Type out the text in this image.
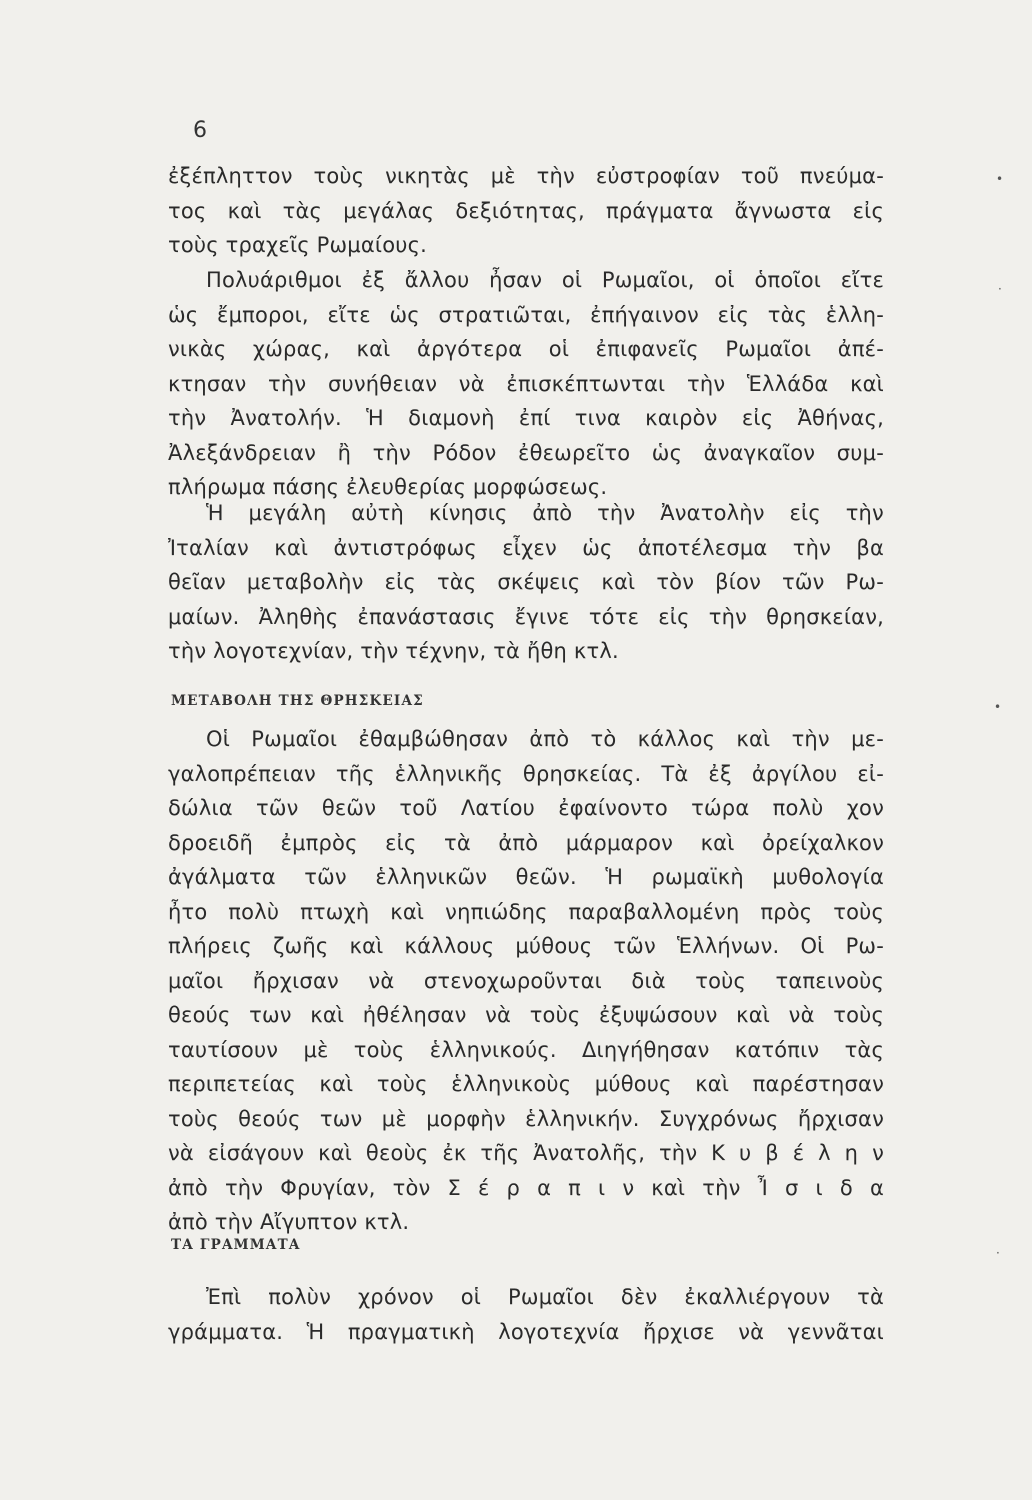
6
ἐξέπληττον τοὺς νικητὰς μὲ τὴν εὐστροφίαν τοῦ πνεύμα-
τος καὶ τὰς μεγάλας δεξιότητας, πράγματα ἄγνωστα εἰς
τοὺς τραχεῖς Ρωμαίους.
Πολυάριθμοι ἐξ ἄλλου ἦσαν οἱ Ρωμαῖοι, οἱ ὁποῖοι εἴτε
ὡς ἔμποροι, εἴτε ὡς στρατιῶται, ἐπήγαινον εἰς τὰς ἑλλη-
νικὰς χώρας, καὶ ἀργότερα οἱ ἐπιφανεῖς Ρωμαῖοι ἀπέ-
κτησαν τὴν συνήθειαν νὰ ἐπισκέπτωνται τὴν Ἑλλάδα καὶ
τὴν Ἀνατολήν. Ἡ διαμονὴ ἐπί τινα καιρὸν εἰς Ἀθήνας,
Ἀλεξάνδρειαν ἢ τὴν Ρόδον ἐθεωρεῖτο ὡς ἀναγκαῖον συμ-
πλήρωμα πάσης ἐλευθερίας μορφώσεως.
Ἡ μεγάλη αὐτὴ κίνησις ἀπὸ τὴν Ἀνατολὴν εἰς τὴν
Ἰταλίαν καὶ ἀντιστρόφως εἶχεν ὡς ἀποτέλεσμα τὴν βα
θεῖαν μεταβολὴν εἰς τὰς σκέψεις καὶ τὸν βίον τῶν Ρω-
μαίων. Ἀληθὴς ἐπανάστασις ἔγινε τότε εἰς τὴν θρησκείαν,
τὴν λογοτεχνίαν, τὴν τέχνην, τὰ ἤθη κτλ.
ΜΕΤΑΒΟΛΗ ΤΗΣ ΘΡΗΣΚΕΙΑΣ
Οἱ Ρωμαῖοι ἐθαμβώθησαν ἀπὸ τὸ κάλλος καὶ τὴν με-
γαλοπρέπειαν τῆς ἑλληνικῆς θρησκείας. Τὰ ἐξ ἀργίλου εἰ-
δώλια τῶν θεῶν τοῦ Λατίου ἐφαίνοντο τώρα πολὺ χον
δροειδῆ ἐμπρὸς εἰς τὰ ἀπὸ μάρμαρον καὶ ὀρείχαλκον
ἀγάλματα τῶν ἑλληνικῶν θεῶν. Ἡ ρωμαϊκὴ μυθολογία
ἦτο πολὺ πτωχὴ καὶ νηπιώδης παραβαλλομένη πρὸς τοὺς
πλήρεις ζωῆς καὶ κάλλους μύθους τῶν Ἑλλήνων. Οἱ Ρω-
μαῖοι ἤρχισαν νὰ στενοχωροῦνται διὰ τοὺς ταπεινοὺς
θεούς των καὶ ἠθέλησαν νὰ τοὺς ἐξυψώσουν καὶ νὰ τοὺς
ταυτίσουν μὲ τοὺς ἑλληνικούς. Διηγήθησαν κατόπιν τὰς
περιπετείας καὶ τοὺς ἑλληνικοὺς μύθους καὶ παρέστησαν
τοὺς θεούς των μὲ μορφὴν ἑλληνικήν. Συγχρόνως ἤρχισαν
νὰ εἰσάγουν καὶ θεοὺς ἐκ τῆς Ἀνατολῆς, τὴν Κ υ β έ λ η ν
ἀπὸ τὴν Φρυγίαν, τὸν Σ έ ρ α π ι ν καὶ τὴν Ἶ σ ι δ α
ἀπὸ τὴν Αἴγυπτον κτλ.
ΤΑ ΓΡΑΜΜΑΤΑ
Ἐπὶ πολὺν χρόνον οἱ Ρωμαῖοι δὲν ἐκαλλιέργουν τὰ
γράμματα. Ἡ πραγματικὴ λογοτεχνία ἤρχισε νὰ γεννᾶται
•
·
•
·
